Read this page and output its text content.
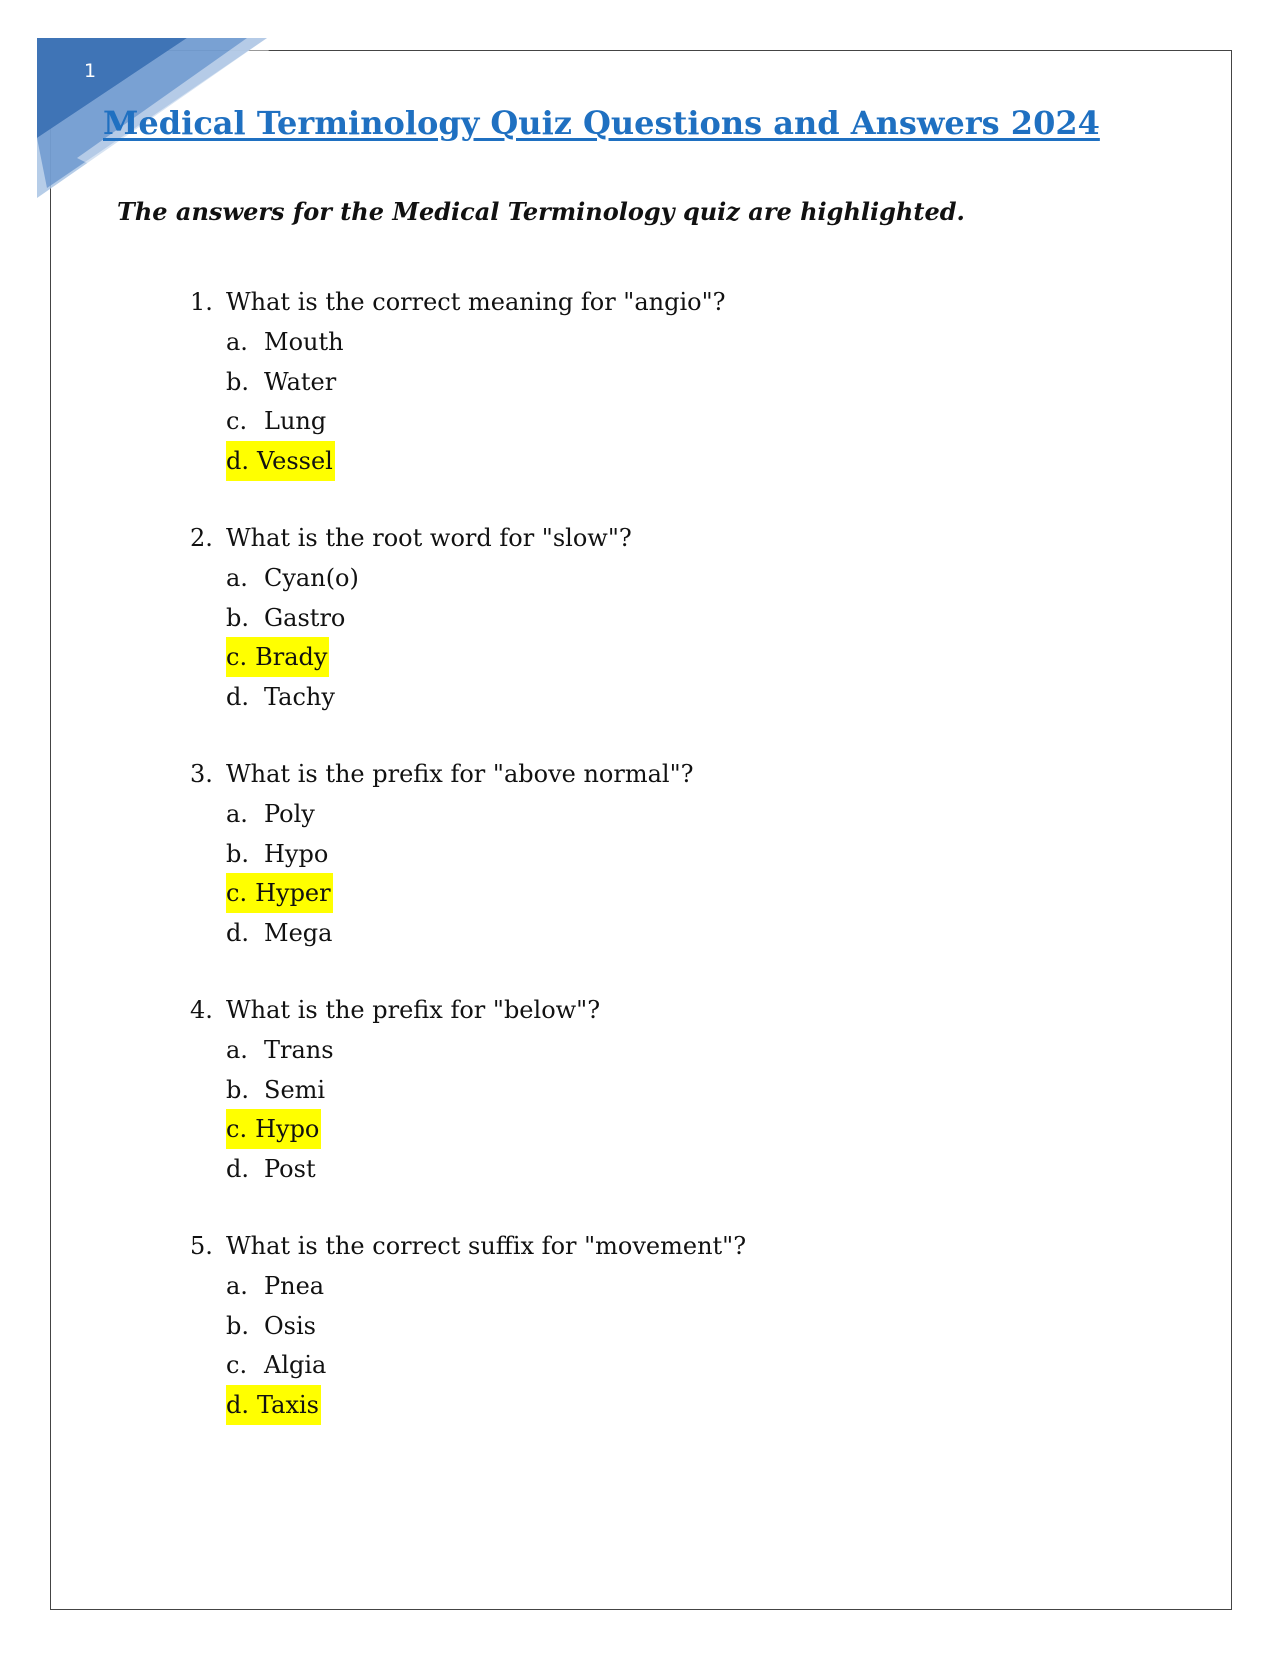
1
Medical Terminology Quiz Questions and Answers 2024

The answers for the Medical Terminology quiz are highlighted.

1. What is the correct meaning for "angio"?
a. Mouth
b. Water
c. Lung
d. Vessel
2. What is the root word for "slow"?
a. Cyan(o)
b. Gastro
c. Brady
d. Tachy
3. What is the prefix for "above normal"?
a. Poly
b. Hypo
c. Hyper
d. Mega
4. What is the prefix for "below"?
a. Trans
b. Semi
c. Hypo
d. Post
5. What is the correct suffix for "movement"?
a. Pnea
b. Osis
c. Algia
d. Taxis
